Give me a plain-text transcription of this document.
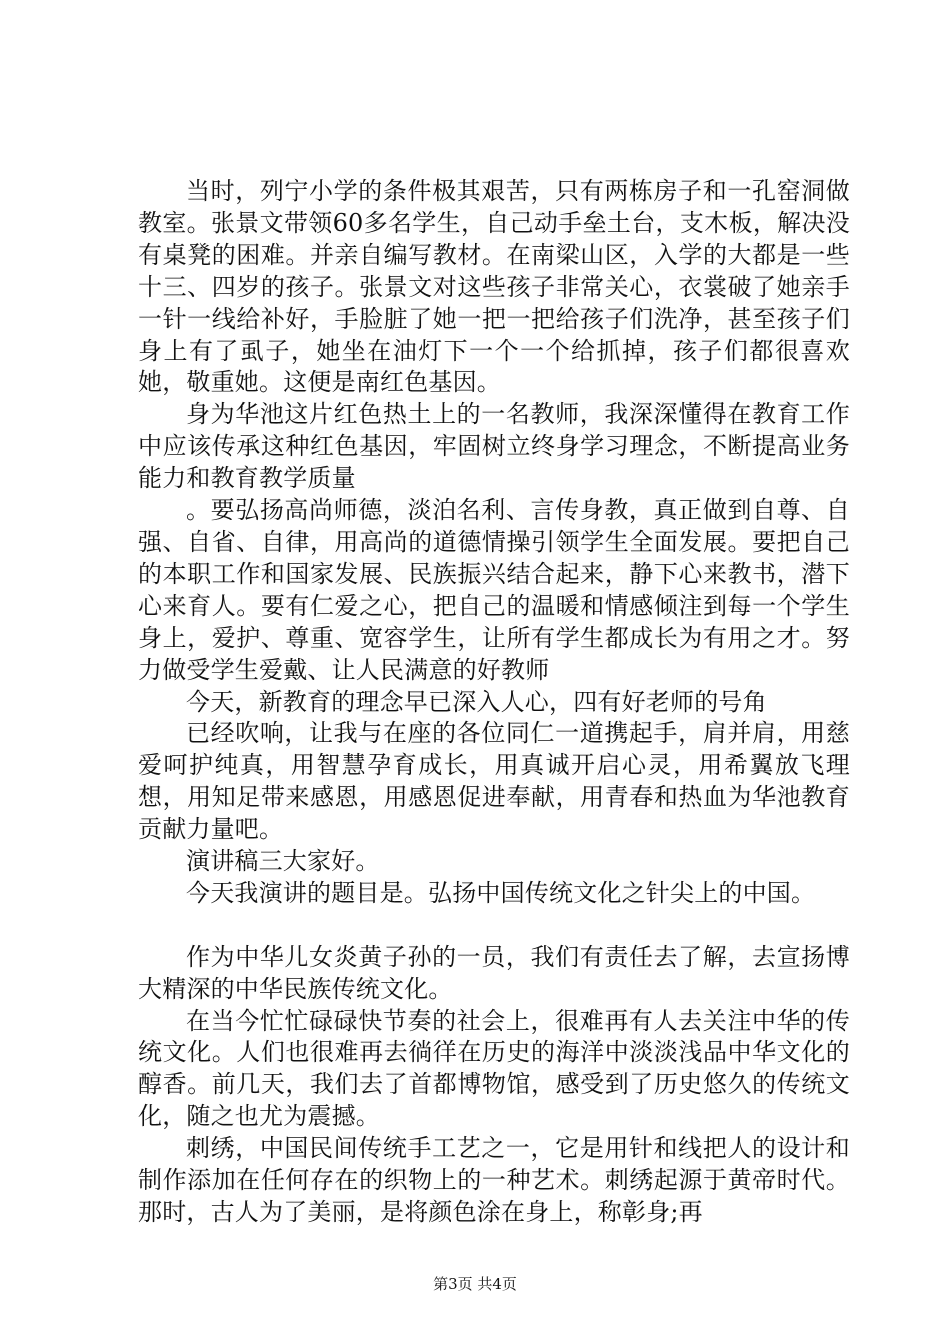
当时，列宁小学的条件极其艰苦，只有两栋房子和一孔窑洞做教室。张景文带领60多名学生，自己动手垒土台，支木板，解决没有桌凳的困难。并亲自编写教材。在南梁山区，入学的大都是一些十三、四岁的孩子。张景文对这些孩子非常关心，衣裳破了她亲手一针一线给补好，手脸脏了她一把一把给孩子们洗净，甚至孩子们身上有了虱子，她坐在油灯下一个一个给抓掉，孩子们都很喜欢她，敬重她。这便是南红色基因。

身为华池这片红色热土上的一名教师，我深深懂得在教育工作中应该传承这种红色基因，牢固树立终身学习理念，不断提高业务能力和教育教学质量

。要弘扬高尚师德，淡泊名利、言传身教，真正做到自尊、自强、自省、自律，用高尚的道德情操引领学生全面发展。要把自己的本职工作和国家发展、民族振兴结合起来，静下心来教书，潜下心来育人。要有仁爱之心，把自己的温暖和情感倾注到每一个学生身上，爱护、尊重、宽容学生，让所有学生都成长为有用之才。努力做受学生爱戴、让人民满意的好教师

今天，新教育的理念早已深入人心，四有好老师的号角

已经吹响，让我与在座的各位同仁一道携起手，肩并肩，用慈爱呵护纯真，用智慧孕育成长，用真诚开启心灵，用希翼放飞理想，用知足带来感恩，用感恩促进奉献，用青春和热血为华池教育贡献力量吧。

演讲稿三大家好。

今天我演讲的题目是。弘扬中国传统文化之针尖上的中国。

作为中华儿女炎黄子孙的一员，我们有责任去了解，去宣扬博大精深的中华民族传统文化。

在当今忙忙碌碌快节奏的社会上，很难再有人去关注中华的传统文化。人们也很难再去徜徉在历史的海洋中淡淡浅品中华文化的醇香。前几天，我们去了首都博物馆，感受到了历史悠久的传统文化，随之也尤为震撼。

刺绣，中国民间传统手工艺之一，它是用针和线把人的设计和制作添加在任何存在的织物上的一种艺术。刺绣起源于黄帝时代。那时，古人为了美丽，是将颜色涂在身上，称彰身;再

第3页 共4页
